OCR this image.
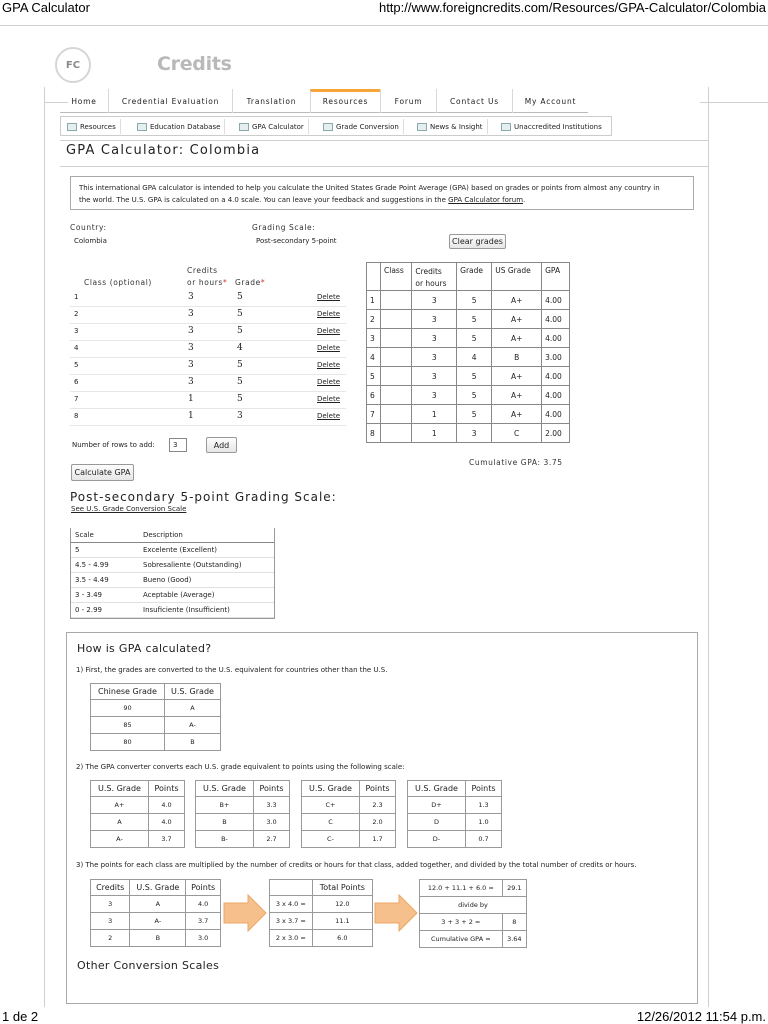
GPA Calculator	http://www.foreigncredits.com/Resources/GPA-Calculator/Colombia
FC	Credits
Home	Credential Evaluation	Translation	Resources	Forum	Contact Us	My Account
Resources	Education Database	GPA Calculator	Grade Conversion	News & Insight	Unaccredited Institutions
GPA Calculator: Colombia
This international GPA calculator is intended to help you calculate the United States Grade Point Average (GPA) based on grades or points from almost any country in
the world. The U.S. GPA is calculated on a 4.0 scale. You can leave your feedback and suggestions in the GPA Calculator forum.
Country:
Colombia
Grading Scale:
Post-secondary 5-point	Clear grades
Credits
Class (optional)	or hours* Grade*
1	3	5	Delete
2	3	5	Delete
3	3	5	Delete
4	3	4	Delete
5	3	5	Delete
6	3	5	Delete
7	1	5	Delete
8	1	3	Delete
Number of rows to add:	3	Add
Calculate GPA
	Class	Credits
or hours	Grade	US Grade	GPA
1		3	5	A+	4.00
2		3	5	A+	4.00
3		3	5	A+	4.00
4		3	4	B	3.00
5		3	5	A+	4.00
6		3	5	A+	4.00
7		1	5	A+	4.00
8		1	3	C	2.00
Cumulative GPA: 3.75
Post-secondary 5-point Grading Scale:
See U.S. Grade Conversion Scale
Scale	Description
5	Excelente (Excellent)
4.5 - 4.99	Sobresaliente (Outstanding)
3.5 - 4.49	Bueno (Good)
3 - 3.49	Aceptable (Average)
0 - 2.99	Insuficiente (Insufficient)
How is GPA calculated?
1) First, the grades are converted to the U.S. equivalent for countries other than the U.S.
Chinese Grade	U.S. Grade
90	A
85	A-
80	B
2) The GPA converter converts each U.S. grade equivalent to points using the following scale:
U.S. Grade	Points
A+	4.0
A	4.0
A-	3.7
U.S. Grade	Points
B+	3.3
B	3.0
B-	2.7
U.S. Grade	Points
C+	2.3
C	2.0
C-	1.7
U.S. Grade	Points
D+	1.3
D	1.0
D-	0.7
3) The points for each class are multiplied by the number of credits or hours for that class, added together, and divided by the total number of credits or hours.
Credits	U.S. Grade	Points
3	A	4.0
3	A-	3.7
2	B	3.0
	Total Points
3 x 4.0 =	12.0
3 x 3.7 =	11.1
2 x 3.0 =	6.0
12.0 + 11.1 + 6.0 =	29.1
divide by	
3 + 3 + 2 =	8
Cumulative GPA =	3.64
Other Conversion Scales
1 de 2	12/26/2012 11:54 p.m.
